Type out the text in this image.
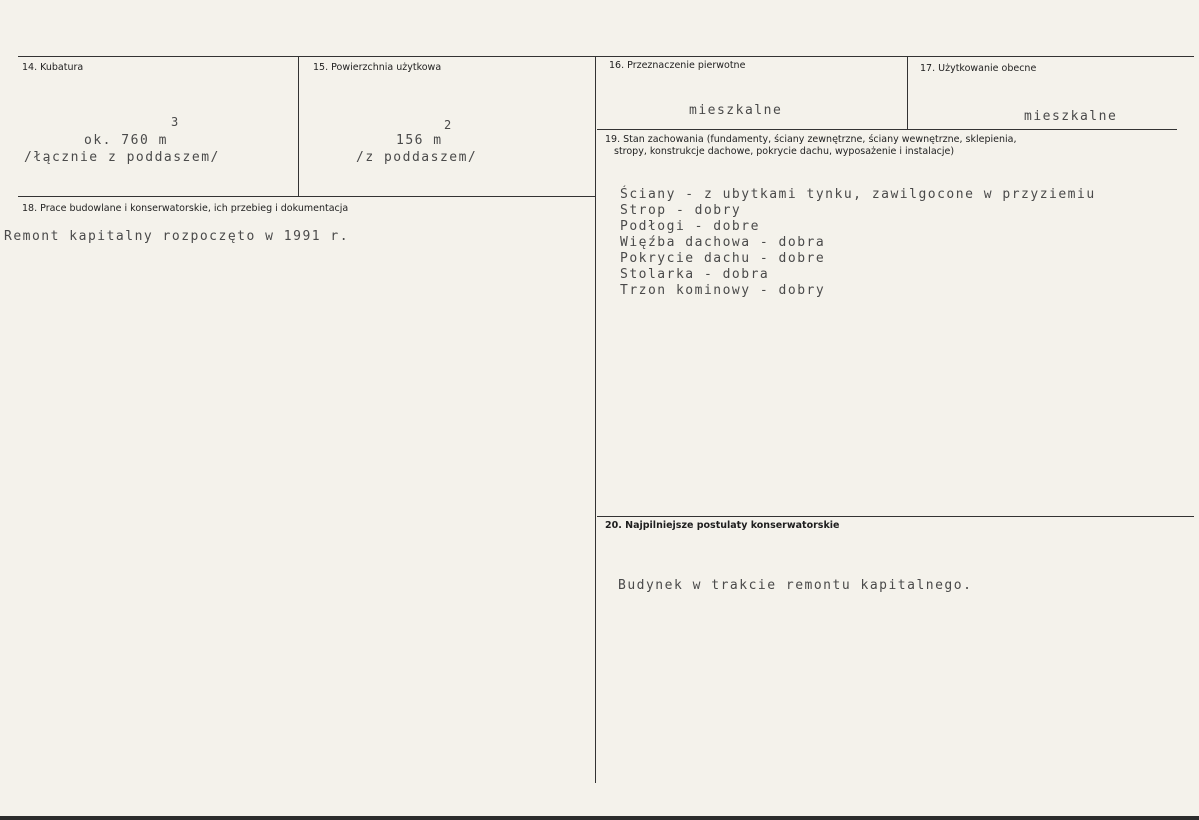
14. Kubatura
3
ok. 760 m
/łącznie z poddaszem/
15. Powierzchnia użytkowa
2
156 m
/z poddaszem/
16. Przeznaczenie pierwotne
mieszkalne
17. Użytkowanie obecne
mieszkalne
18. Prace budowlane i konserwatorskie, ich przebieg i dokumentacja
Remont kapitalny rozpoczęto w 1991 r.
19. Stan zachowania (fundamenty, ściany zewnętrzne, ściany wewnętrzne, sklepienia,
stropy, konstrukcje dachowe, pokrycie dachu, wyposażenie i instalacje)
Ściany - z ubytkami tynku, zawilgocone w przyziemiu
Strop - dobry
Podłogi - dobre
Więźba dachowa - dobra
Pokrycie dachu - dobre
Stolarka - dobra
Trzon kominowy - dobry
20. Najpilniejsze postulaty konserwatorskie
Budynek w trakcie remontu kapitalnego.
